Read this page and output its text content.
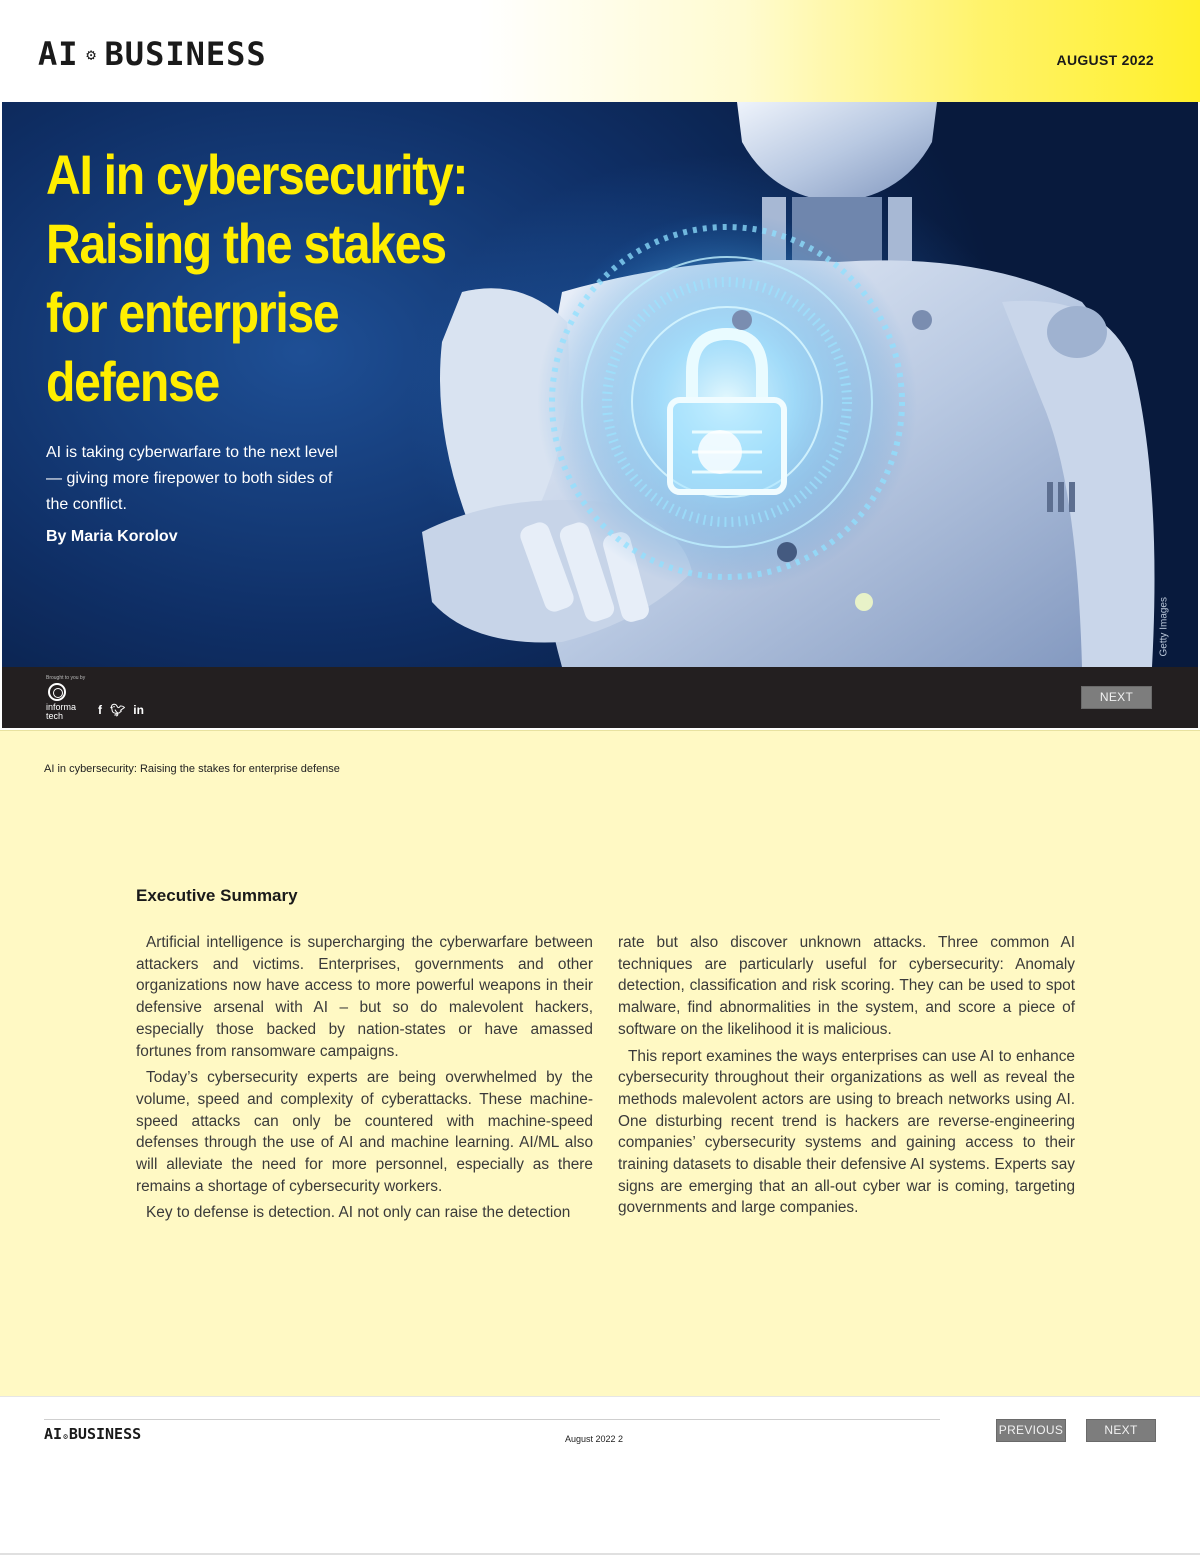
AI ⚙ BUSINESS	AUGUST 2022
AI in cybersecurity:
Raising the stakes
for enterprise
defense
AI is taking cyberwarfare to the next level — giving more firepower to both sides of the conflict.
By Maria Korolov
Getty Images
Brought to you by
informa
tech	f 🐦︎ in
NEXT
AI in cybersecurity: Raising the stakes for enterprise defense
Executive Summary

Artificial intelligence is supercharging the cyberwarfare between attackers and victims. Enterprises, governments and other organizations now have access to more powerful weapons in their defensive arsenal with AI – but so do malevolent hackers, especially those backed by nation-states or have amassed fortunes from ransomware campaigns.

Today’s cybersecurity experts are being overwhelmed by the volume, speed and complexity of cyberattacks. These machine-speed attacks can only be countered with machine-speed defenses through the use of AI and machine learning. AI/ML also will alleviate the need for more personnel, especially as there remains a shortage of cybersecurity workers.

Key to defense is detection. AI not only can raise the detection

rate but also discover unknown attacks. Three common AI techniques are particularly useful for cybersecurity: Anomaly detection, classification and risk scoring. They can be used to spot malware, find abnormalities in the system, and score a piece of software on the likelihood it is malicious.

This report examines the ways enterprises can use AI to enhance cybersecurity throughout their organizations as well as reveal the methods malevolent actors are using to breach networks using AI. One disturbing recent trend is hackers are reverse-engineering companies’ cybersecurity systems and gaining access to their training datasets to disable their defensive AI systems. Experts say signs are emerging that an all-out cyber war is coming, targeting governments and large companies.

AI⚙BUSINESS	August 2022 2
PREVIOUS	NEXT
